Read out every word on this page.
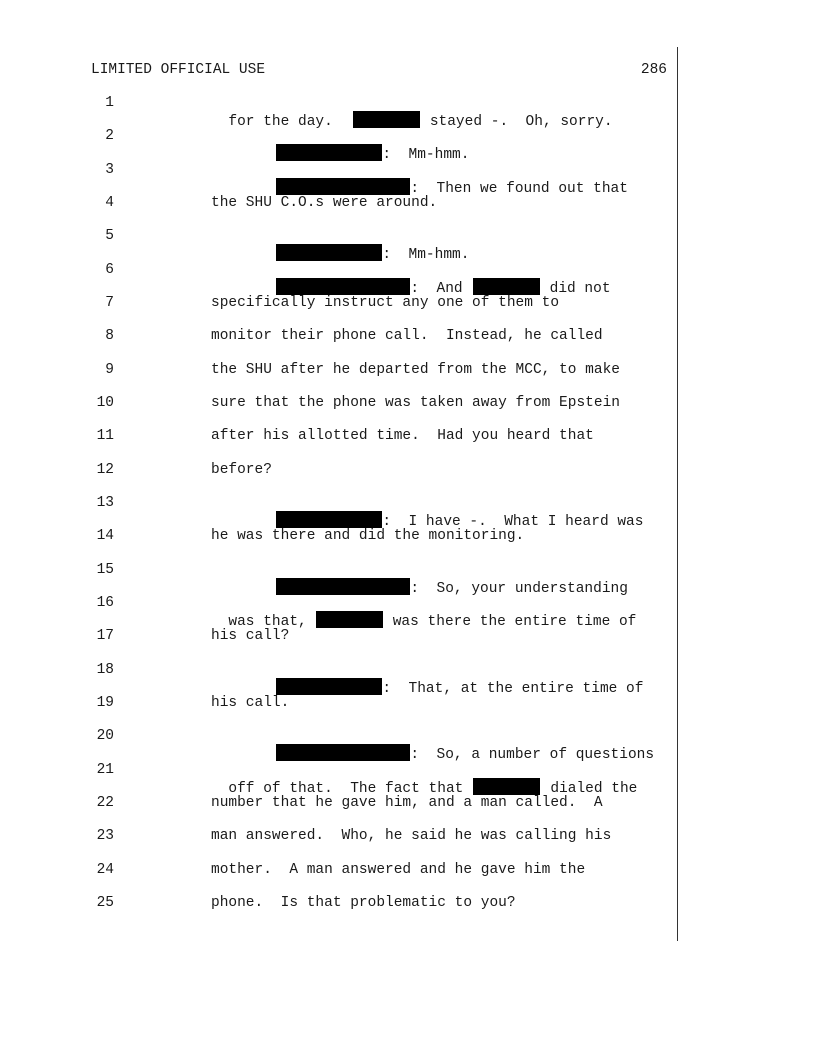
LIMITED OFFICIAL USE	286
1
2
3
4
5
6
7
8
9
10
11
12
13
14
15
16
17
18
19
20
21
22
23
24
25

for the day.	stayed -.  Oh, sorry.

:  Mm-hmm.

:  Then we found out that

the SHU C.O.s were around.

:  Mm-hmm.

:  And	did not

specifically instruct any one of them to
monitor their phone call.  Instead, he called
the SHU after he departed from the MCC, to make
sure that the phone was taken away from Epstein
after his allotted time.  Had you heard that
before?

:  I have -.  What I heard was

he was there and did the monitoring.

:  So, your understanding

was that,	was there the entire time of

his call?

:  That, at the entire time of

his call.

:  So, a number of questions

off of that.  The fact that	dialed the

number that he gave him, and a man called.  A
man answered.  Who, he said he was calling his
mother.  A man answered and he gave him the
phone.  Is that problematic to you?
